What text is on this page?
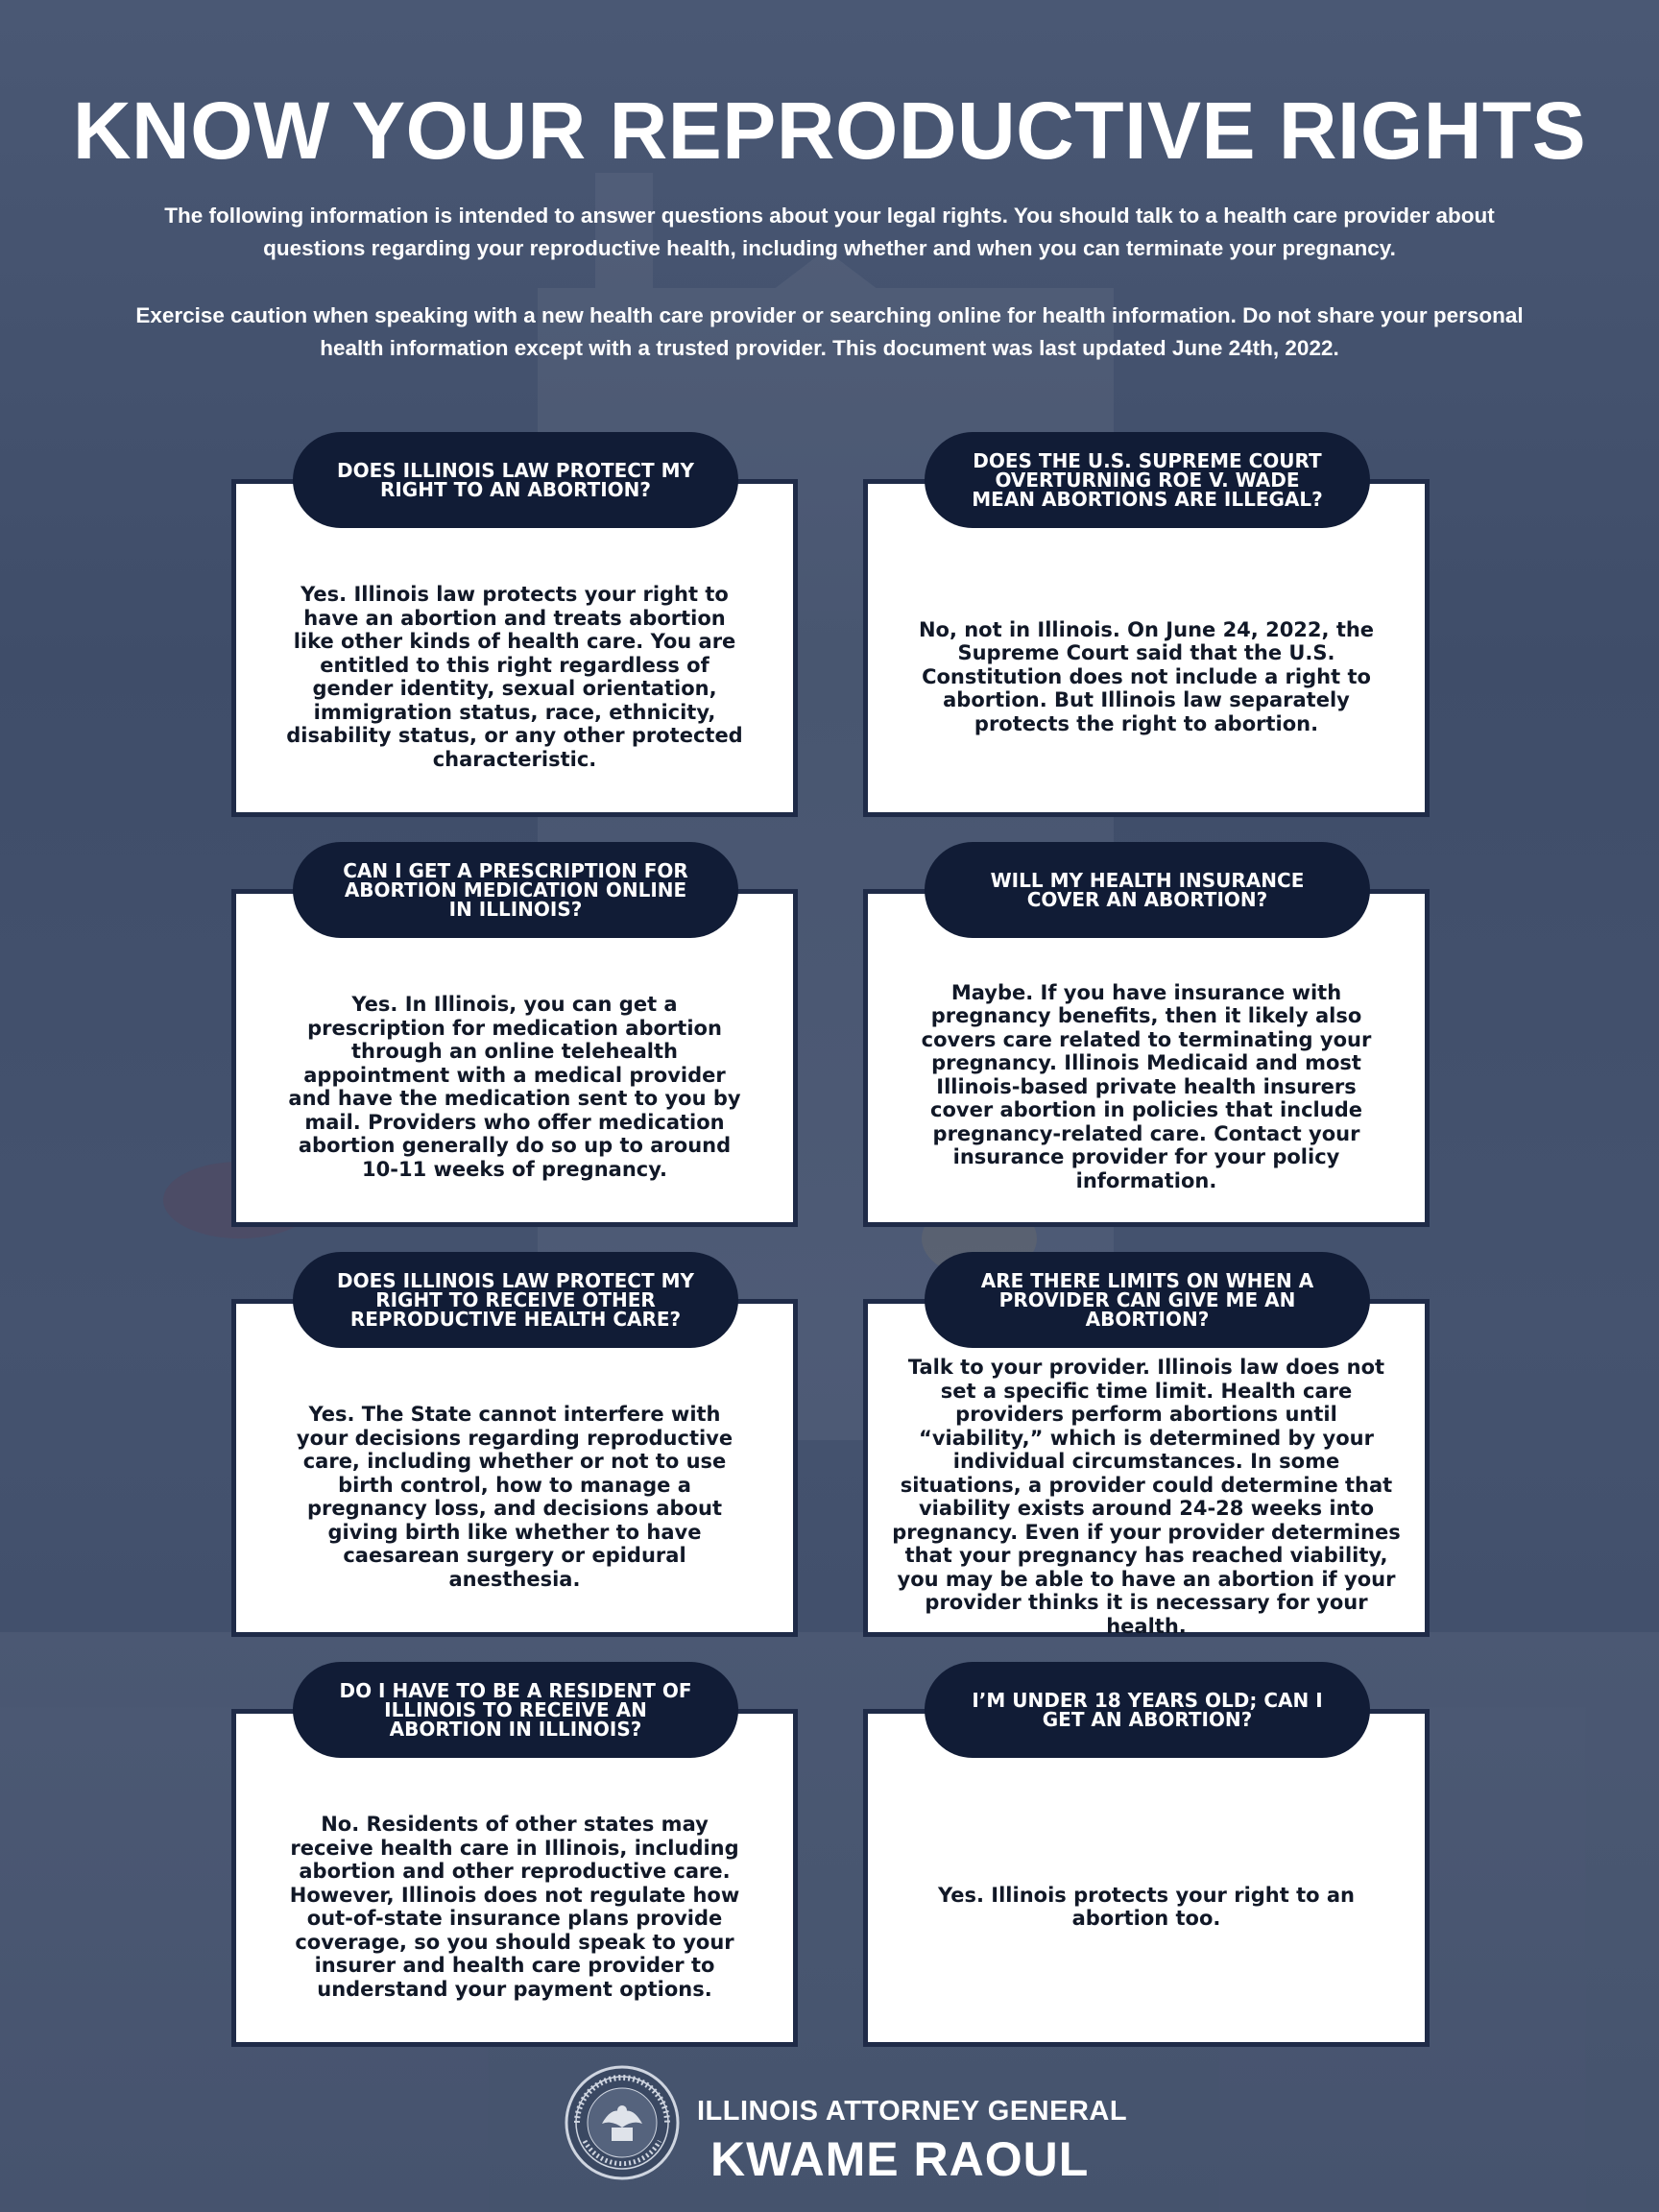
KNOW YOUR REPRODUCTIVE RIGHTS
The following information is intended to answer questions about your legal rights. You should talk to a health care provider about questions regarding your reproductive health, including whether and when you can terminate your pregnancy.
Exercise caution when speaking with a new health care provider or searching online for health information. Do not share your personal health information except with a trusted provider. This document was last updated June 24th, 2022.
Yes. Illinois law protects your right to have an abortion and treats abortion like other kinds of health care. You are entitled to this right regardless of gender identity, sexual orientation, immigration status, race, ethnicity, disability status, or any other protected characteristic.
DOES ILLINOIS LAW PROTECT MY RIGHT TO AN ABORTION?
No, not in Illinois. On June 24, 2022, the Supreme Court said that the U.S. Constitution does not include a right to abortion. But Illinois law separately protects the right to abortion.
DOES THE U.S. SUPREME COURT OVERTURNING ROE V. WADE MEAN ABORTIONS ARE ILLEGAL?
Yes. In Illinois, you can get a prescription for medication abortion through an online telehealth appointment with a medical provider and have the medication sent to you by mail. Providers who offer medication abortion generally do so up to around 10-11 weeks of pregnancy.
CAN I GET A PRESCRIPTION FOR ABORTION MEDICATION ONLINE IN ILLINOIS?
Maybe. If you have insurance with pregnancy benefits, then it likely also covers care related to terminating your pregnancy. Illinois Medicaid and most Illinois-based private health insurers cover abortion in policies that include pregnancy-related care. Contact your insurance provider for your policy information.
WILL MY HEALTH INSURANCE COVER AN ABORTION?
Yes. The State cannot interfere with your decisions regarding reproductive care, including whether or not to use birth control, how to manage a pregnancy loss, and decisions about giving birth like whether to have caesarean surgery or epidural anesthesia.
DOES ILLINOIS LAW PROTECT MY RIGHT TO RECEIVE OTHER REPRODUCTIVE HEALTH CARE?
Talk to your provider. Illinois law does not set a specific time limit. Health care providers perform abortions until “viability,” which is determined by your individual circumstances. In some situations, a provider could determine that viability exists around 24-28 weeks into pregnancy. Even if your provider determines that your pregnancy has reached viability, you may be able to have an abortion if your provider thinks it is necessary for your health.
ARE THERE LIMITS ON WHEN A PROVIDER CAN GIVE ME AN ABORTION?
No. Residents of other states may receive health care in Illinois, including abortion and other reproductive care. However, Illinois does not regulate how out-of-state insurance plans provide coverage, so you should speak to your insurer and health care provider to understand your payment options.
DO I HAVE TO BE A RESIDENT OF ILLINOIS TO RECEIVE AN ABORTION IN ILLINOIS?
Yes. Illinois protects your right to an abortion too.
I’M UNDER 18 YEARS OLD; CAN I GET AN ABORTION?
ILLINOIS ATTORNEY GENERAL
KWAME RAOUL
